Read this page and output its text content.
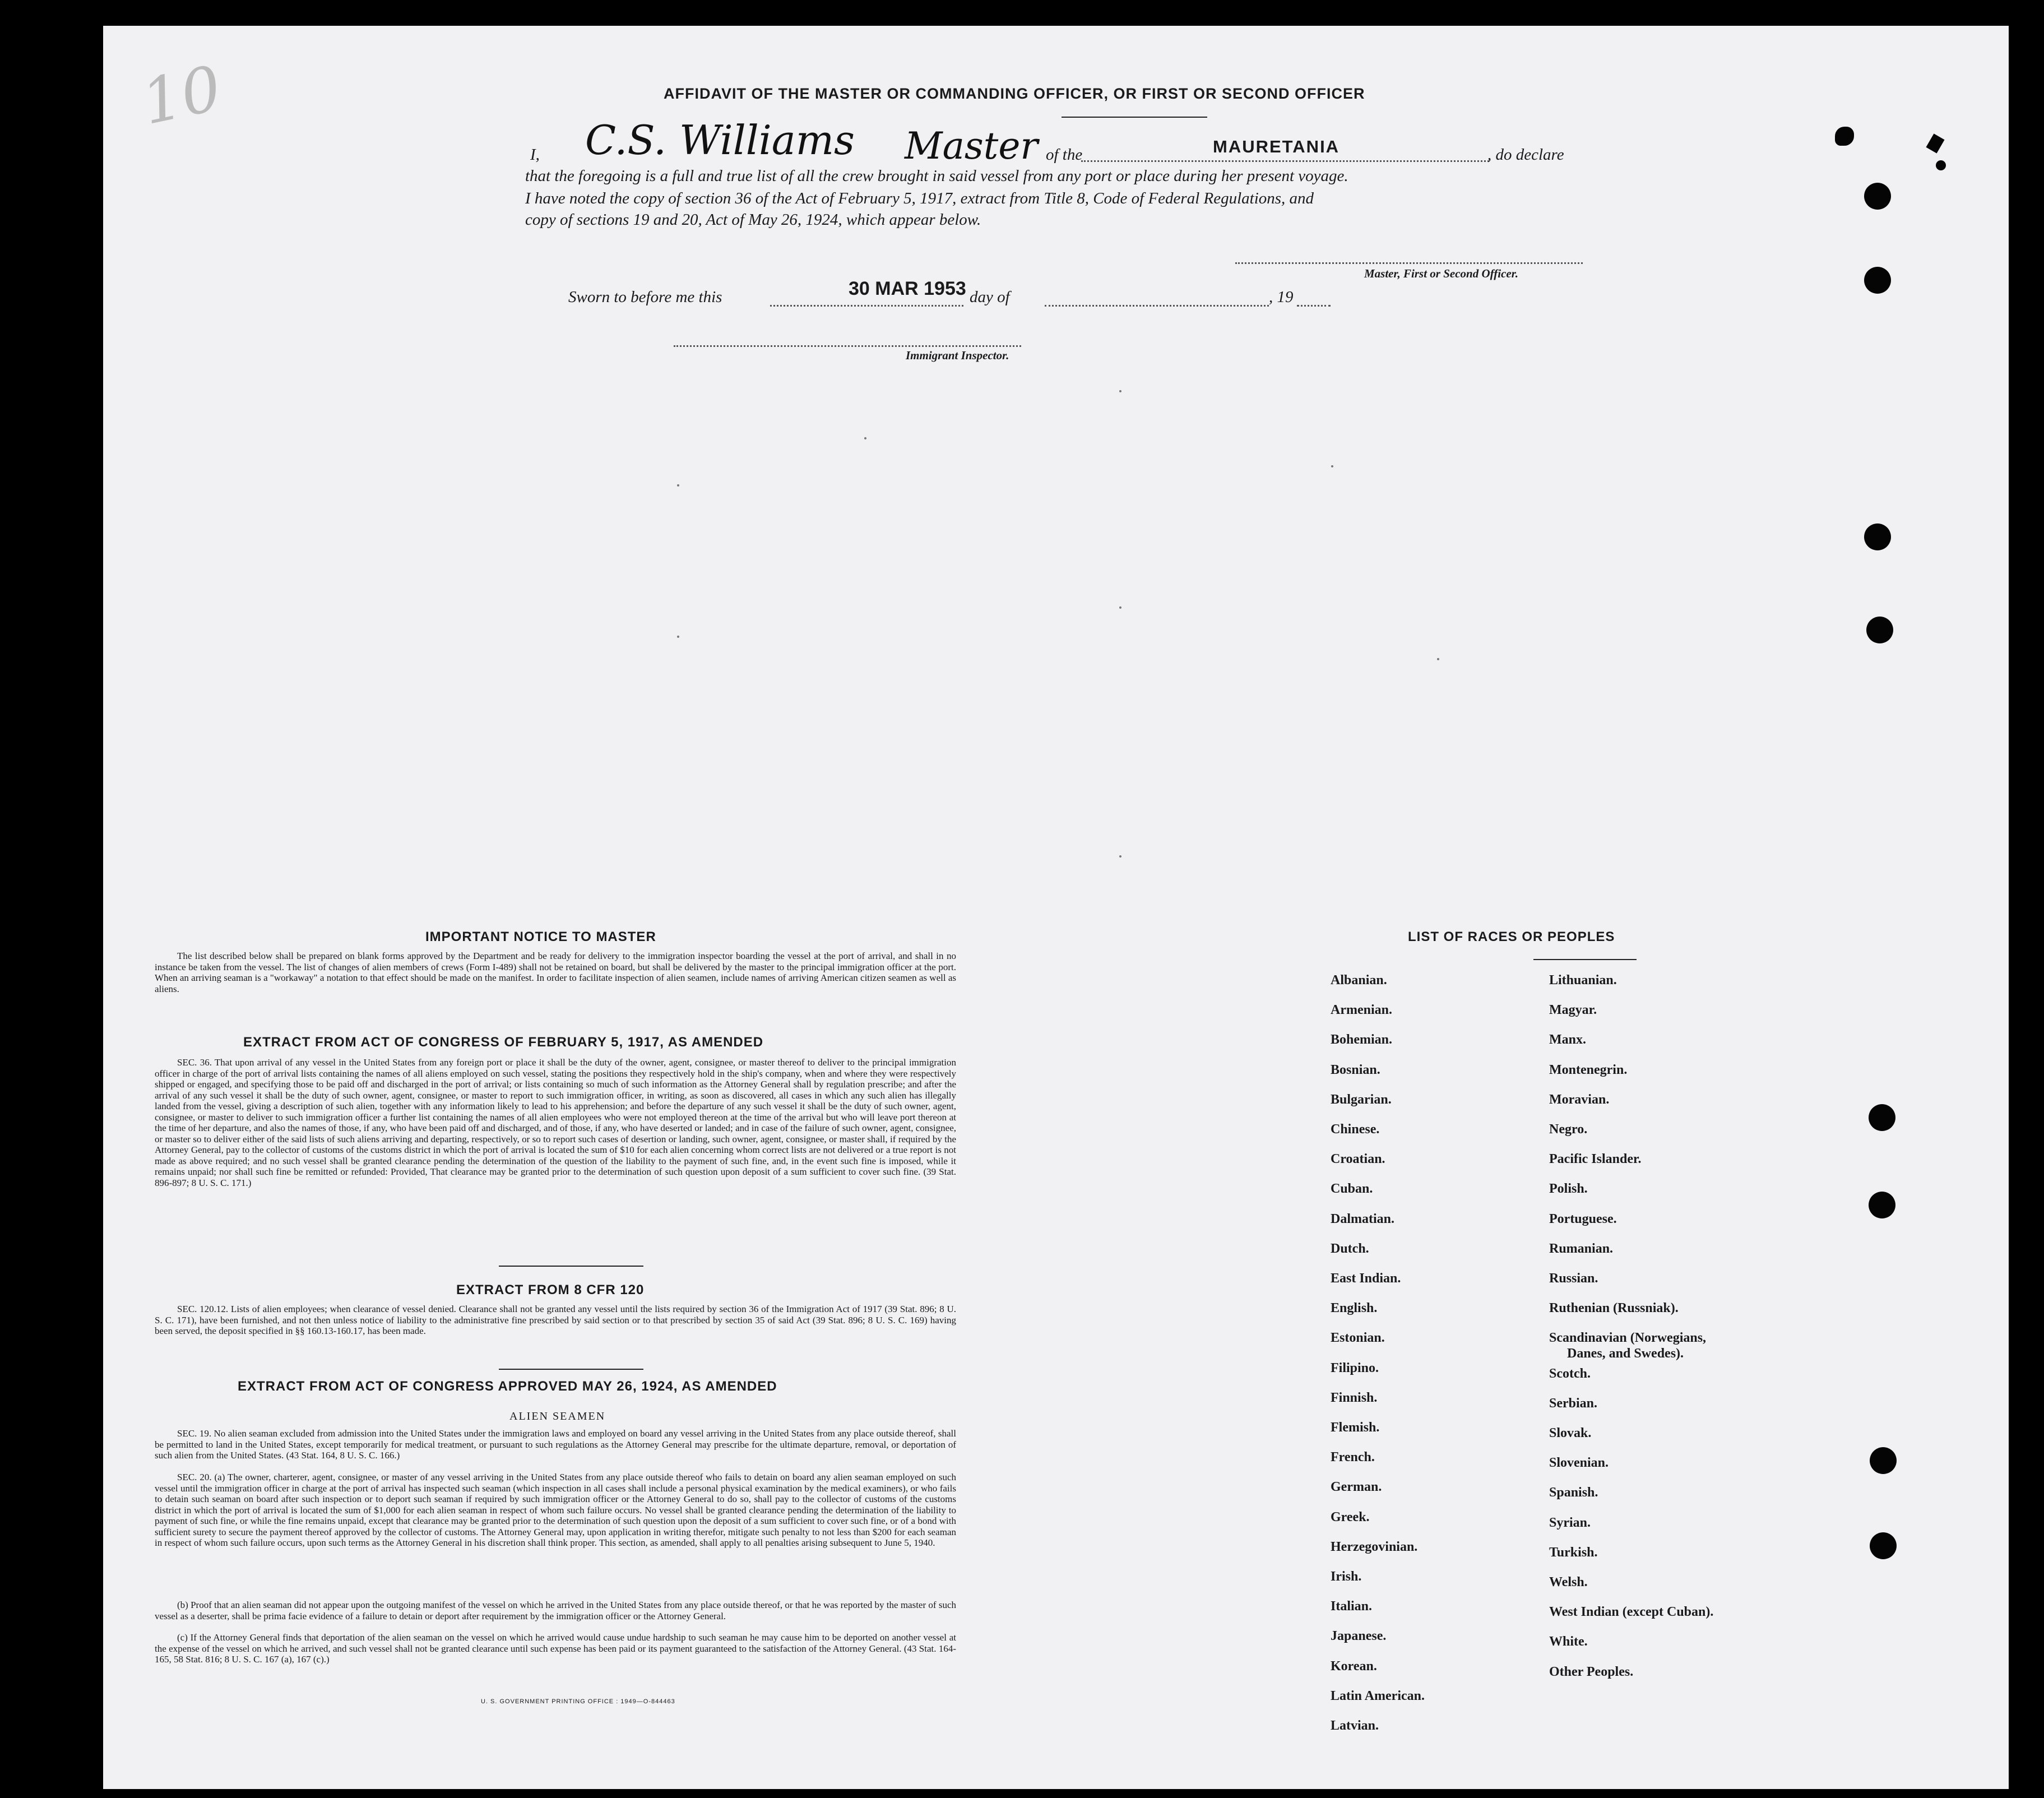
10	AFFIDAVIT OF THE MASTER OR COMMANDING OFFICER, OR FIRST OR SECOND OFFICER
I, C.S. Williams Master of the	MAURETANIA	, do declare
that the foregoing is a full and true list of all the crew brought in said vessel from any port or place during her present voyage.
I have noted the copy of section 36 of the Act of February 5, 1917, extract from Title 8, Code of Federal Regulations, and
copy of sections 19 and 20, Act of May 26, 1924, which appear below.
Master, First or Second Officer.
Sworn to before me this	30 MAR 1953 day of	, 19
Immigrant Inspector.
IMPORTANT NOTICE TO MASTER
The list described below shall be prepared on blank forms approved by the Department and be ready for delivery to the immigration inspector boarding the vessel at the port of arrival, and shall in no instance be taken from the vessel. The list of changes of alien members of crews (Form I-489) shall not be retained on board, but shall be delivered by the master to the principal immigration officer at the port. When an arriving seaman is a "workaway" a notation to that effect should be made on the manifest. In order to facilitate inspection of alien seamen, include names of arriving American citizen seamen as well as aliens.
EXTRACT FROM ACT OF CONGRESS OF FEBRUARY 5, 1917, AS AMENDED
SEC. 36. That upon arrival of any vessel in the United States from any foreign port or place it shall be the duty of the owner, agent, consignee, or master thereof to deliver to the principal immigration officer in charge of the port of arrival lists containing the names of all aliens employed on such vessel, stating the positions they respectively hold in the ship's company, when and where they were respectively shipped or engaged, and specifying those to be paid off and discharged in the port of arrival; or lists containing so much of such information as the Attorney General shall by regulation prescribe; and after the arrival of any such vessel it shall be the duty of such owner, agent, consignee, or master to report to such immigration officer, in writing, as soon as discovered, all cases in which any such alien has illegally landed from the vessel, giving a description of such alien, together with any information likely to lead to his apprehension; and before the departure of any such vessel it shall be the duty of such owner, agent, consignee, or master to deliver to such immigration officer a further list containing the names of all alien employees who were not employed thereon at the time of the arrival but who will leave port thereon at the time of her departure, and also the names of those, if any, who have been paid off and discharged, and of those, if any, who have deserted or landed; and in case of the failure of such owner, agent, consignee, or master so to deliver either of the said lists of such aliens arriving and departing, respectively, or so to report such cases of desertion or landing, such owner, agent, consignee, or master shall, if required by the Attorney General, pay to the collector of customs of the customs district in which the port of arrival is located the sum of $10 for each alien concerning whom correct lists are not delivered or a true report is not made as above required; and no such vessel shall be granted clearance pending the determination of the question of the liability to the payment of such fine, and, in the event such fine is imposed, while it remains unpaid; nor shall such fine be remitted or refunded: Provided, That clearance may be granted prior to the determination of such question upon deposit of a sum sufficient to cover such fine. (39 Stat. 896-897; 8 U. S. C. 171.)
EXTRACT FROM 8 CFR 120
SEC. 120.12. Lists of alien employees; when clearance of vessel denied. Clearance shall not be granted any vessel until the lists required by section 36 of the Immigration Act of 1917 (39 Stat. 896; 8 U. S. C. 171), have been furnished, and not then unless notice of liability to the administrative fine prescribed by said section or to that prescribed by section 35 of said Act (39 Stat. 896; 8 U. S. C. 169) having been served, the deposit specified in §§ 160.13-160.17, has been made.
EXTRACT FROM ACT OF CONGRESS APPROVED MAY 26, 1924, AS AMENDED
ALIEN SEAMEN
SEC. 19. No alien seaman excluded from admission into the United States under the immigration laws and employed on board any vessel arriving in the United States from any place outside thereof, shall be permitted to land in the United States, except temporarily for medical treatment, or pursuant to such regulations as the Attorney General may prescribe for the ultimate departure, removal, or deportation of such alien from the United States. (43 Stat. 164, 8 U. S. C. 166.)
SEC. 20. (a) The owner, charterer, agent, consignee, or master of any vessel arriving in the United States from any place outside thereof who fails to detain on board any alien seaman employed on such vessel until the immigration officer in charge at the port of arrival has inspected such seaman (which inspection in all cases shall include a personal physical examination by the medical examiners), or who fails to detain such seaman on board after such inspection or to deport such seaman if required by such immigration officer or the Attorney General to do so, shall pay to the collector of customs of the customs district in which the port of arrival is located the sum of $1,000 for each alien seaman in respect of whom such failure occurs. No vessel shall be granted clearance pending the determination of the liability to payment of such fine, or while the fine remains unpaid, except that clearance may be granted prior to the determination of such question upon the deposit of a sum sufficient to cover such fine, or of a bond with sufficient surety to secure the payment thereof approved by the collector of customs. The Attorney General may, upon application in writing therefor, mitigate such penalty to not less than $200 for each seaman in respect of whom such failure occurs, upon such terms as the Attorney General in his discretion shall think proper. This section, as amended, shall apply to all penalties arising subsequent to June 5, 1940.
(b) Proof that an alien seaman did not appear upon the outgoing manifest of the vessel on which he arrived in the United States from any place outside thereof, or that he was reported by the master of such vessel as a deserter, shall be prima facie evidence of a failure to detain or deport after requirement by the immigration officer or the Attorney General.
(c) If the Attorney General finds that deportation of the alien seaman on the vessel on which he arrived would cause undue hardship to such seaman he may cause him to be deported on another vessel at the expense of the vessel on which he arrived, and such vessel shall not be granted clearance until such expense has been paid or its payment guaranteed to the satisfaction of the Attorney General. (43 Stat. 164-165, 58 Stat. 816; 8 U. S. C. 167 (a), 167 (c).)
U. S. GOVERNMENT PRINTING OFFICE : 1949—O-844463
LIST OF RACES OR PEOPLES
Albanian.
Armenian.
Bohemian.
Bosnian.
Bulgarian.
Chinese.
Croatian.
Cuban.
Dalmatian.
Dutch.
East Indian.
English.
Estonian.
Filipino.
Finnish.
Flemish.
French.
German.
Greek.
Herzegovinian.
Irish.
Italian.
Japanese.
Korean.
Latin American.
Latvian.
Lithuanian.
Magyar.
Manx.
Montenegrin.
Moravian.
Negro.
Pacific Islander.
Polish.
Portuguese.
Rumanian.
Russian.
Ruthenian (Russniak).
Scandinavian (Norwegians,
Danes, and Swedes).
Scotch.
Serbian.
Slovak.
Slovenian.
Spanish.
Syrian.
Turkish.
Welsh.
West Indian (except Cuban).
White.
Other Peoples.
